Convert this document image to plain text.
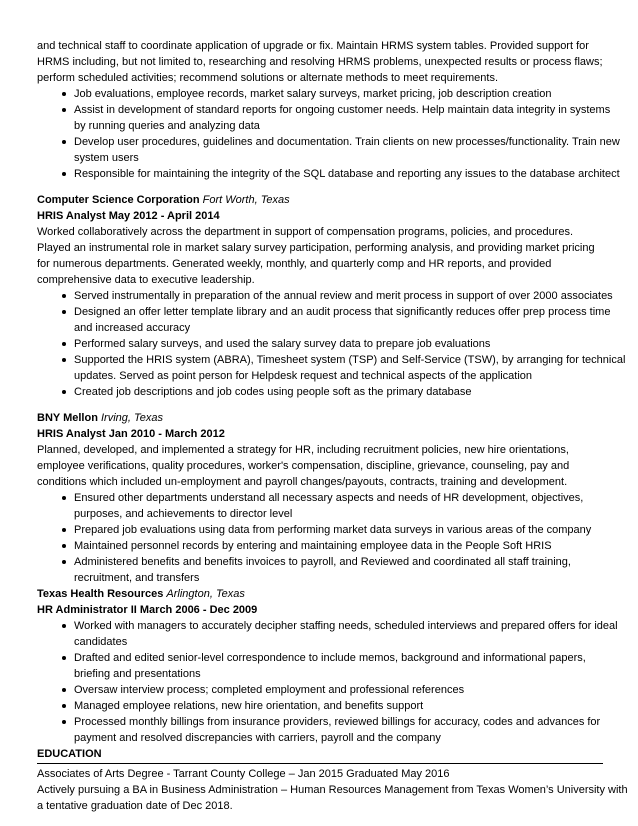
and technical staff to coordinate application of upgrade or fix. Maintain HRMS system tables. Provided support for
HRMS including, but not limited to, researching and resolving HRMS problems, unexpected results or process flaws;
perform scheduled activities; recommend solutions or alternate methods to meet requirements.

Job evaluations, employee records, market salary surveys, market pricing, job description creation
Assist in development of standard reports for ongoing customer needs. Help maintain data integrity in systems
by running queries and analyzing data
Develop user procedures, guidelines and documentation. Train clients on new processes/functionality. Train new
system users
Responsible for maintaining the integrity of the SQL database and reporting any issues to the database architect
Computer Science Corporation Fort Worth, Texas
HRIS Analyst May 2012 - April 2014

Worked collaboratively across the department in support of compensation programs, policies, and procedures.
Played an instrumental role in market salary survey participation, performing analysis, and providing market pricing
for numerous departments. Generated weekly, monthly, and quarterly comp and HR reports, and provided
comprehensive data to executive leadership.

Served instrumentally in preparation of the annual review and merit process in support of over 2000 associates
Designed an offer letter template library and an audit process that significantly reduces offer prep process time
and increased accuracy
Performed salary surveys, and used the salary survey data to prepare job evaluations
Supported the HRIS system (ABRA), Timesheet system (TSP) and Self-Service (TSW), by arranging for technical
updates. Served as point person for Helpdesk request and technical aspects of the application
Created job descriptions and job codes using people soft as the primary database
BNY Mellon Irving, Texas
HRIS Analyst Jan 2010 - March 2012

Planned, developed, and implemented a strategy for HR, including recruitment policies, new hire orientations,
employee verifications, quality procedures, worker's compensation, discipline, grievance, counseling, pay and
conditions which included un-employment and payroll changes/payouts, contracts, training and development.

Ensured other departments understand all necessary aspects and needs of HR development, objectives,
purposes, and achievements to director level
Prepared job evaluations using data from performing market data surveys in various areas of the company
Maintained personnel records by entering and maintaining employee data in the People Soft HRIS
Administered benefits and benefits invoices to payroll, and Reviewed and coordinated all staff training,
recruitment, and transfers
Texas Health Resources Arlington, Texas
HR Administrator II March 2006 - Dec 2009
Worked with managers to accurately decipher staffing needs, scheduled interviews and prepared offers for ideal
candidates
Drafted and edited senior-level correspondence to include memos, background and informational papers,
briefing and presentations
Oversaw interview process; completed employment and professional references
Managed employee relations, new hire orientation, and benefits support
Processed monthly billings from insurance providers, reviewed billings for accuracy, codes and advances for
payment and resolved discrepancies with carriers, payroll and the company
EDUCATION

Associates of Arts Degree - Tarrant County College – Jan 2015 Graduated May 2016
Actively pursuing a BA in Business Administration – Human Resources Management from Texas Women’s University with
a tentative graduation date of Dec 2018.
